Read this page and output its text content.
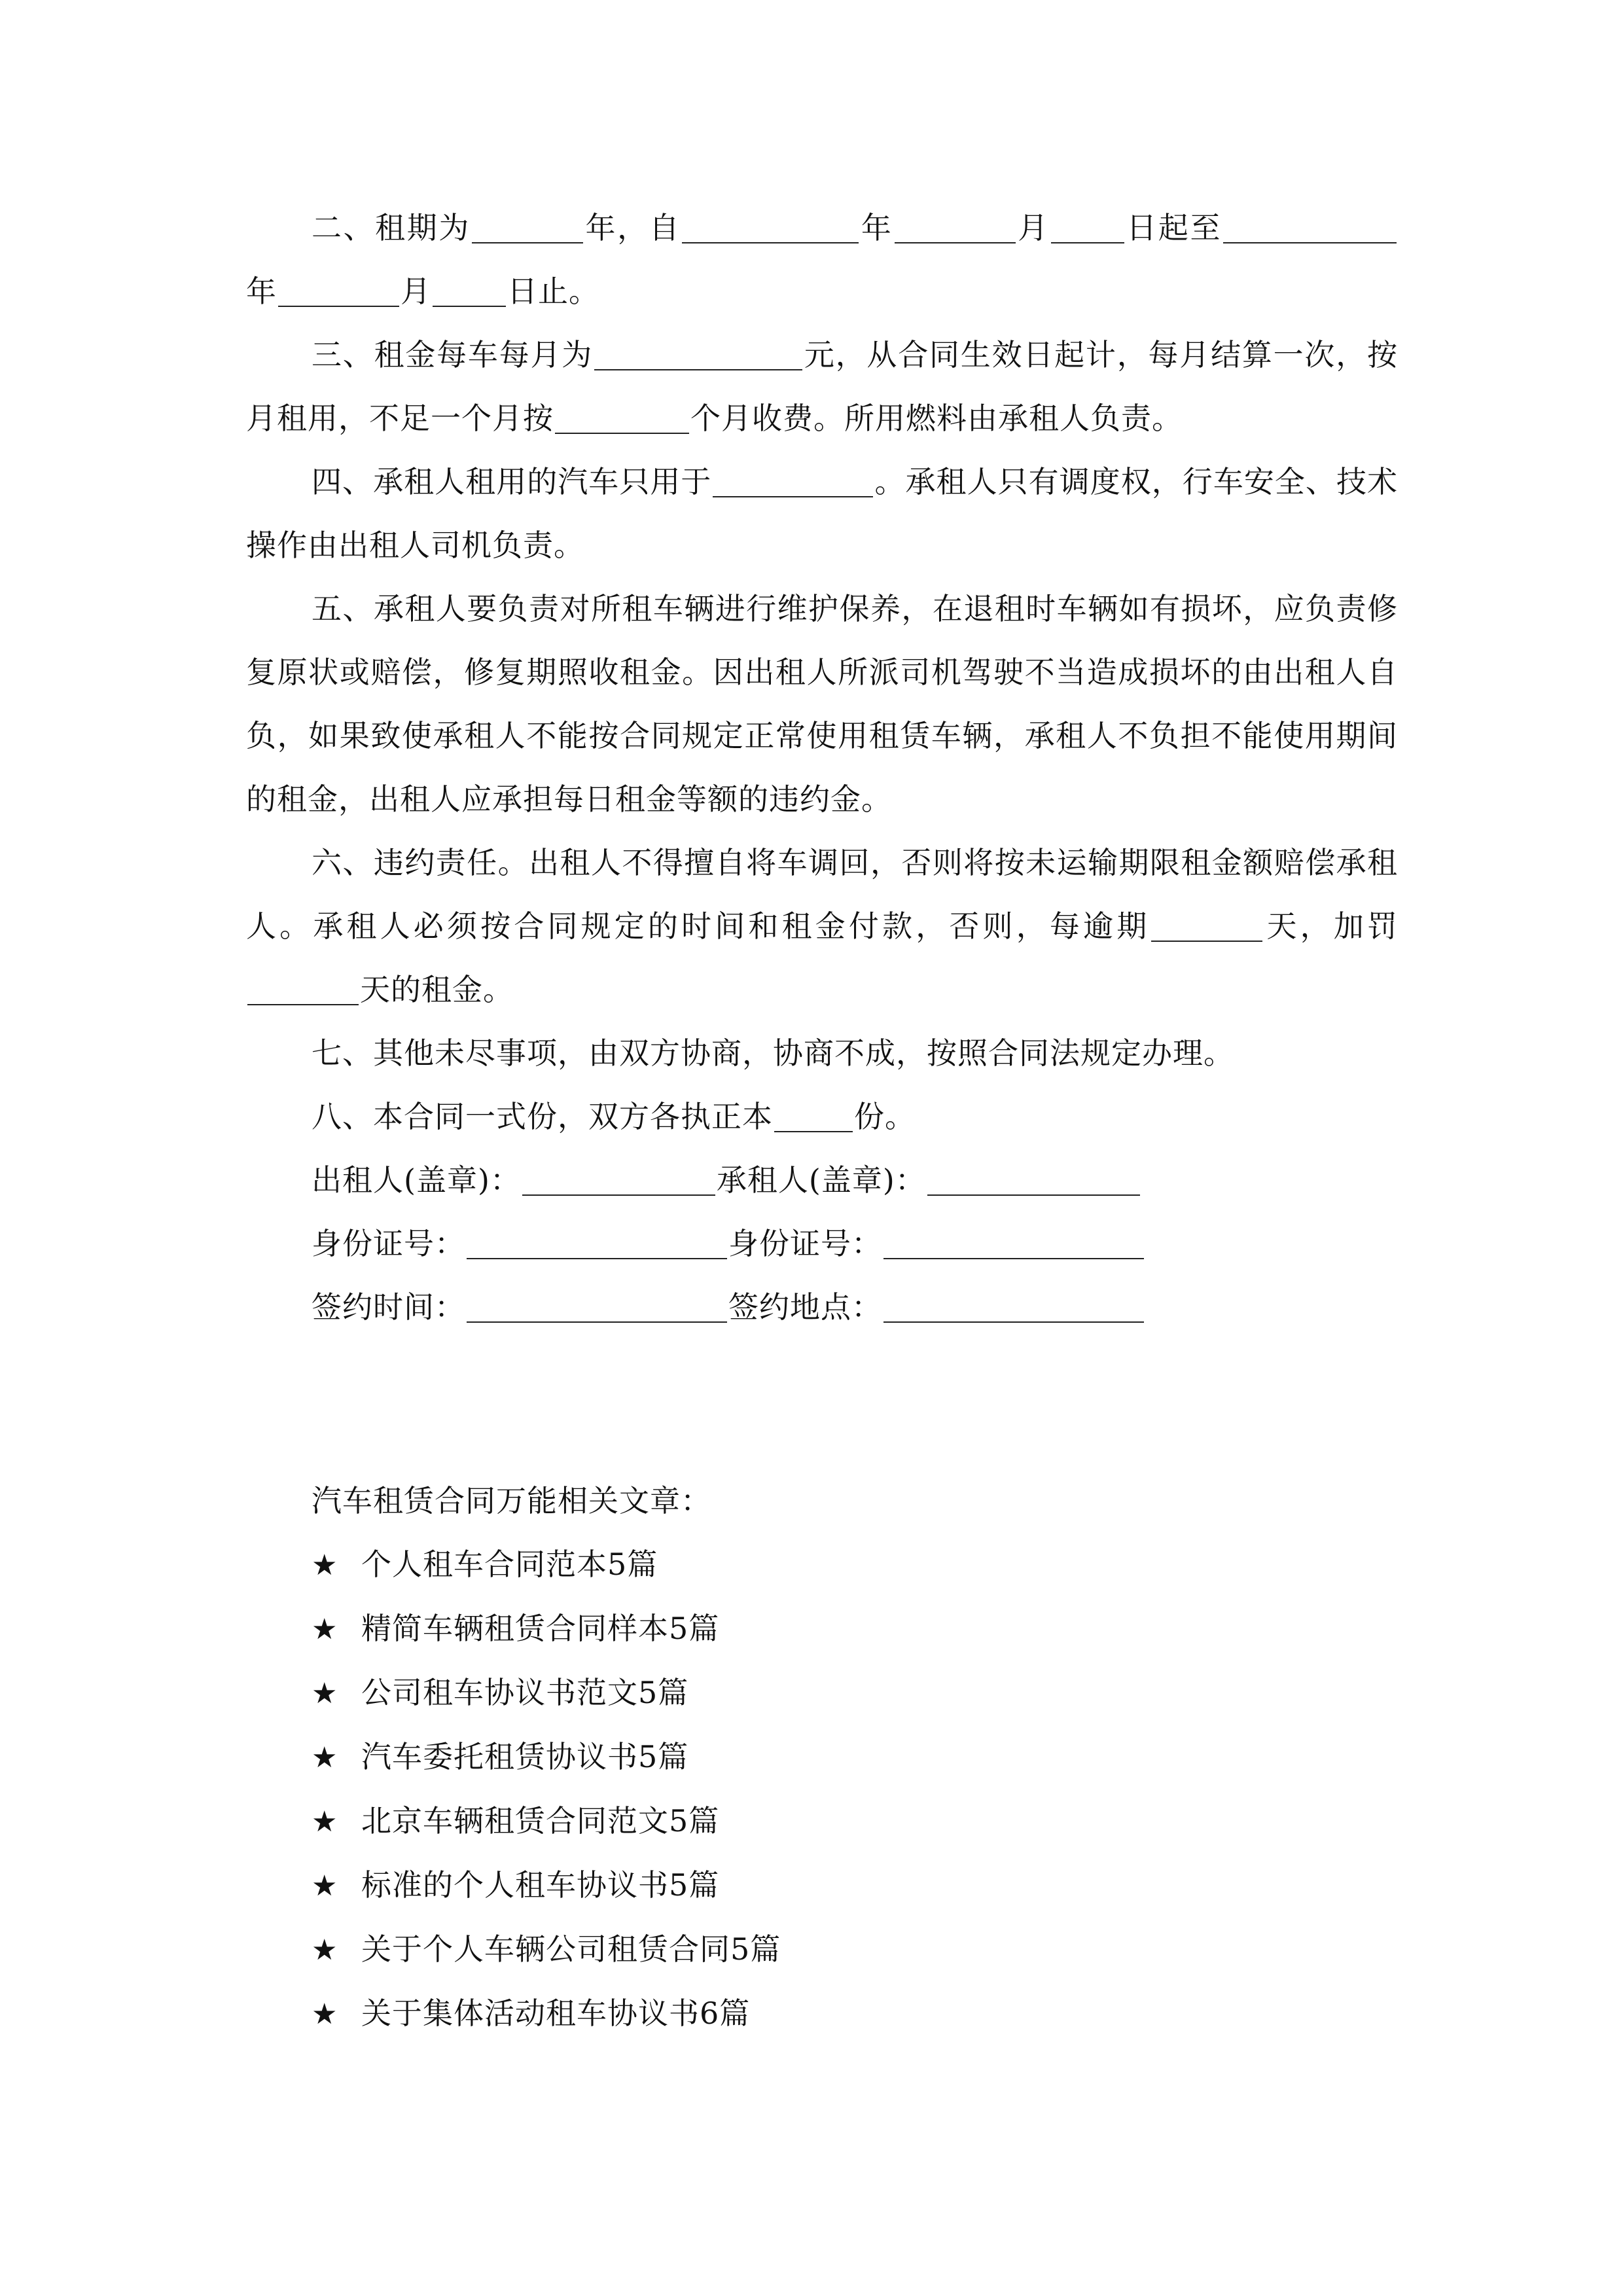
二、租期为	年，自	年	月	日起至年	月	日止。

三、租金每车每月为	元，从合同生效日起计，每月结算一次，按月租用，不足一个月按	个月收费。所用燃料由承租人负责。

四、承租人租用的汽车只用于	。承租人只有调度权，行车安全、技术操作由出租人司机负责。

五、承租人要负责对所租车辆进行维护保养，在退租时车辆如有损坏，应负责修复原状或赔偿，修复期照收租金。因出租人所派司机驾驶不当造成损坏的由出租人自负，如果致使承租人不能按合同规定正常使用租赁车辆，承租人不负担不能使用期间的租金，出租人应承担每日租金等额的违约金。

六、违约责任。出租人不得擅自将车调回，否则将按未运输期限租金额赔偿承租人。承租人必须按合同规定的时间和租金付款，否则，每逾期	天，加罚天的租金。

七、其他未尽事项，由双方协商，协商不成，按照合同法规定办理。

八、本合同一式份，双方各执正本	份。

出租人(盖章)：	承租人(盖章)：

身份证号：	身份证号：

签约时间：	签约地点：

汽车租赁合同万能相关文章：

★ 个人租车合同范本5篇
★ 精简车辆租赁合同样本5篇
★ 公司租车协议书范文5篇
★ 汽车委托租赁协议书5篇
★ 北京车辆租赁合同范文5篇
★ 标准的个人租车协议书5篇
★ 关于个人车辆公司租赁合同5篇
★ 关于集体活动租车协议书6篇
